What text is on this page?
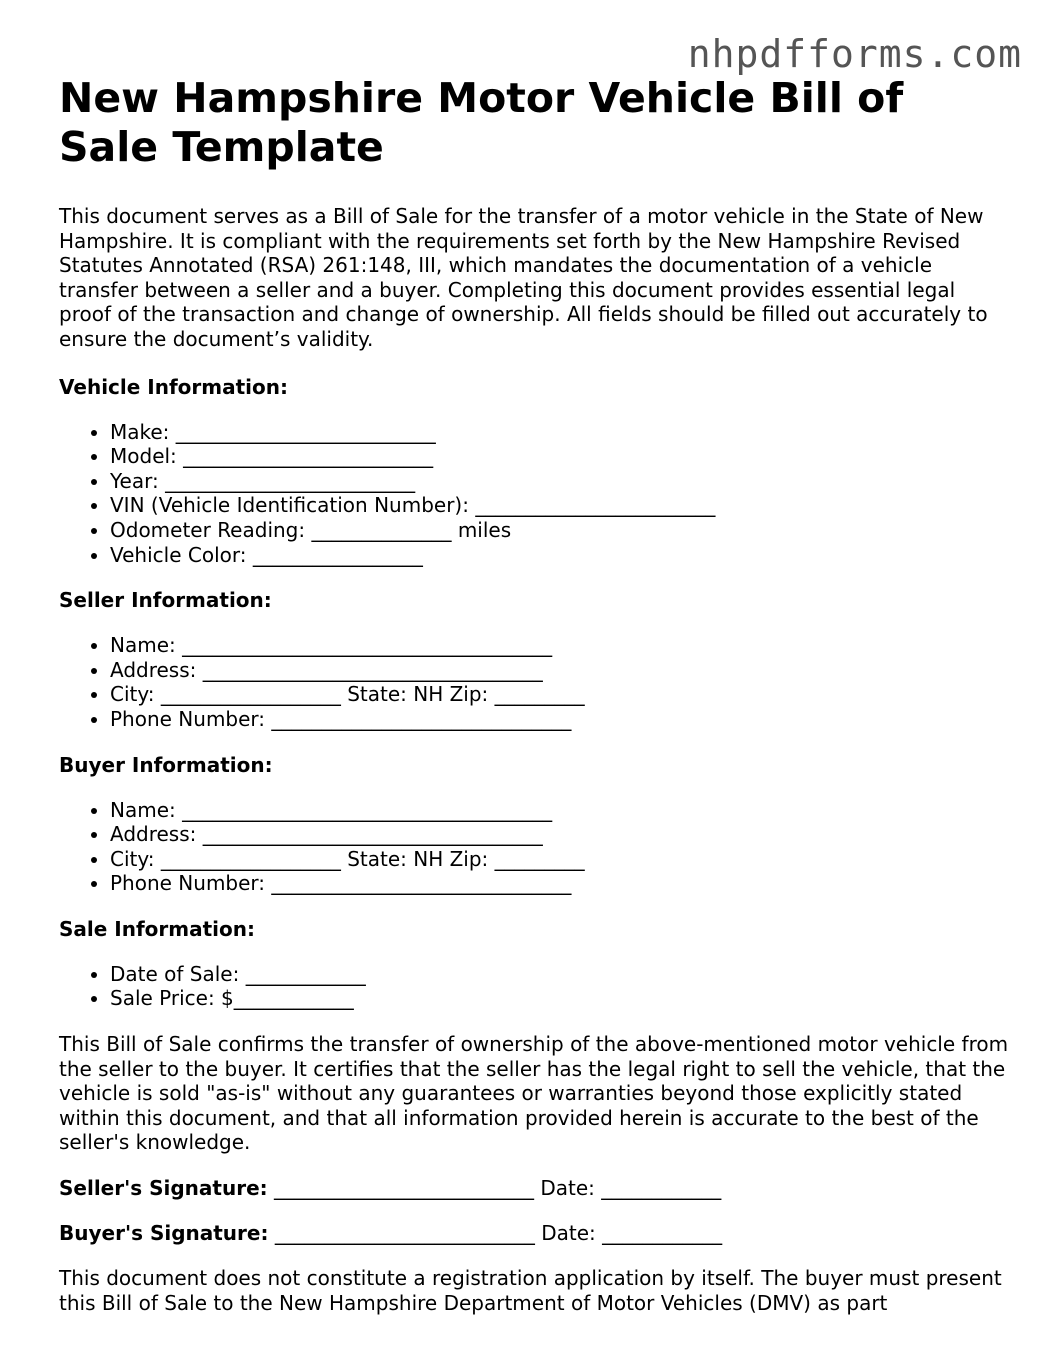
nhpdfforms.com
New Hampshire Motor Vehicle Bill of Sale Template

This document serves as a Bill of Sale for the transfer of a motor vehicle in the State of New Hampshire. It is compliant with the requirements set forth by the New Hampshire Revised Statutes Annotated (RSA) 261:148, III, which mandates the documentation of a vehicle transfer between a seller and a buyer. Completing this document provides essential legal proof of the transaction and change of ownership. All fields should be filled out accurately to ensure the document’s validity.

Vehicle Information:
• Make: __________________________
• Model: _________________________
• Year: _________________________
• VIN (Vehicle Identification Number): ________________________
• Odometer Reading: ______________ miles
• Vehicle Color: _________________
Seller Information:
• Name: _____________________________________
• Address: __________________________________
• City: __________________ State: NH Zip: _________
• Phone Number: ______________________________
Buyer Information:
• Name: _____________________________________
• Address: __________________________________
• City: __________________ State: NH Zip: _________
• Phone Number: ______________________________
Sale Information:
• Date of Sale: ____________
• Sale Price: $____________

This Bill of Sale confirms the transfer of ownership of the above-mentioned motor vehicle from the seller to the buyer. It certifies that the seller has the legal right to sell the vehicle, that the vehicle is sold "as-is" without any guarantees or warranties beyond those explicitly stated within this document, and that all information provided herein is accurate to the best of the seller's knowledge.

Seller's Signature: __________________________ Date: ____________
Buyer's Signature: __________________________ Date: ____________

This document does not constitute a registration application by itself. The buyer must present this Bill of Sale to the New Hampshire Department of Motor Vehicles (DMV) as part
